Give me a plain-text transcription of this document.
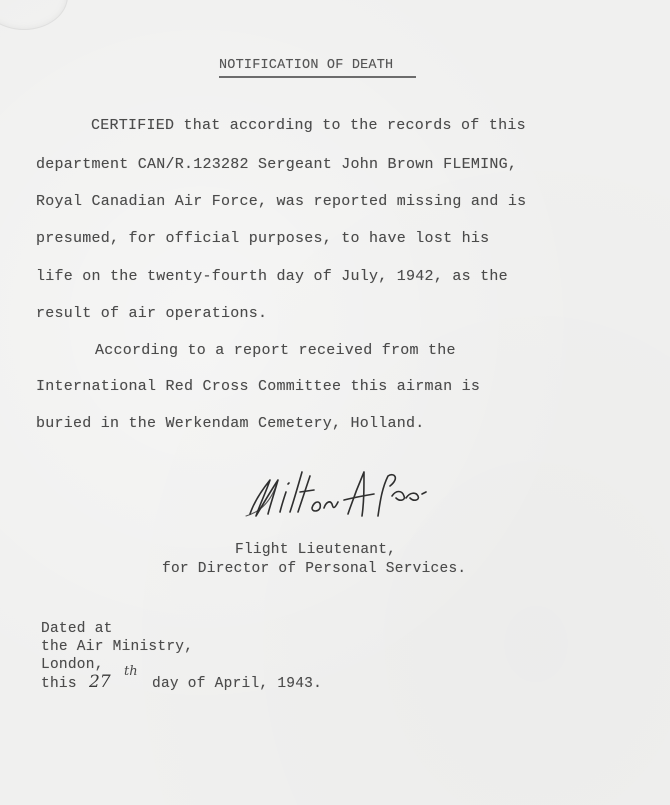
NOTIFICATION OF DEATH
CERTIFIED that according to the records of this
department CAN/R.123282 Sergeant John Brown FLEMING,
Royal Canadian Air Force, was reported missing and is
presumed, for official purposes, to have lost his
life on the twenty-fourth day of July, 1942, as the
result of air operations.
According to a report received from the
International Red Cross Committee this airman is
buried in the Werkendam Cemetery, Holland.
Flight Lieutenant,
for Director of Personal Services.
Dated at
the Air Ministry,
London,
this 27
th
day of April, 1943.
